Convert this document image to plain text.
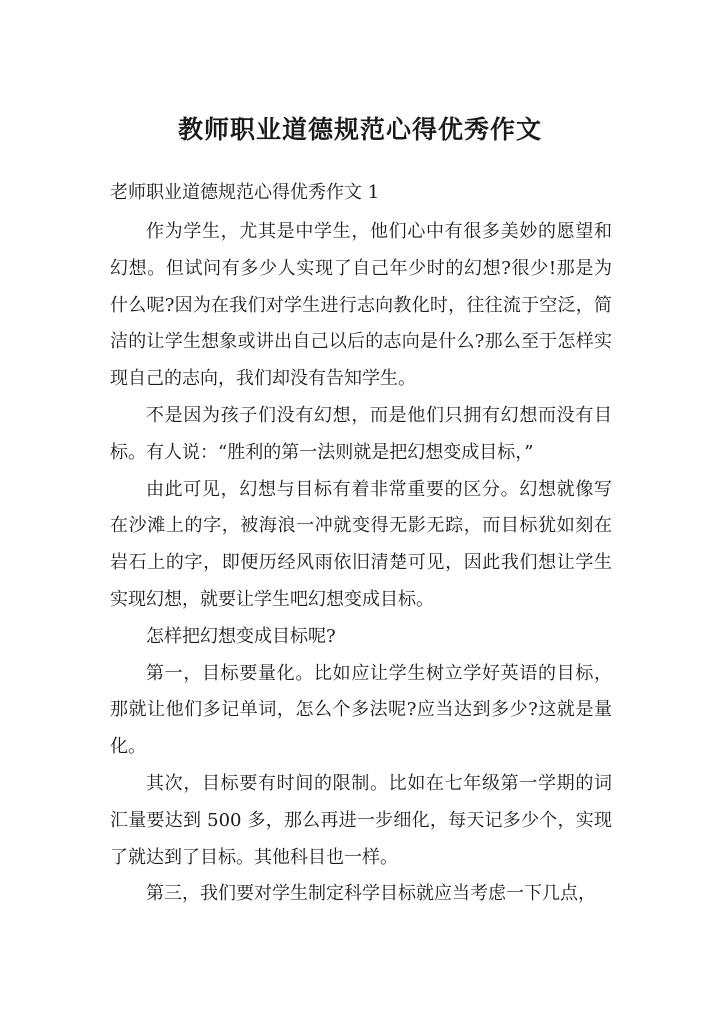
教师职业道德规范心得优秀作文
老师职业道德规范心得优秀作文 1

作为学生，尤其是中学生，他们心中有很多美妙的愿望和幻想。但试问有多少人实现了自己年少时的幻想?很少!那是为什么呢?因为在我们对学生进行志向教化时，往往流于空泛，简洁的让学生想象或讲出自己以后的志向是什么?那么至于怎样实现自己的志向，我们却没有告知学生。

不是因为孩子们没有幻想，而是他们只拥有幻想而没有目标。有人说：“胜利的第一法则就是把幻想变成目标，”

由此可见，幻想与目标有着非常重要的区分。幻想就像写在沙滩上的字，被海浪一冲就变得无影无踪，而目标犹如刻在岩石上的字，即便历经风雨依旧清楚可见，因此我们想让学生实现幻想，就要让学生吧幻想变成目标。

怎样把幻想变成目标呢?

第一，目标要量化。比如应让学生树立学好英语的目标，那就让他们多记单词，怎么个多法呢?应当达到多少?这就是量化。

其次，目标要有时间的限制。比如在七年级第一学期的词汇量要达到 500 多，那么再进一步细化，每天记多少个，实现了就达到了目标。其他科目也一样。

第三，我们要对学生制定科学目标就应当考虑一下几点，
